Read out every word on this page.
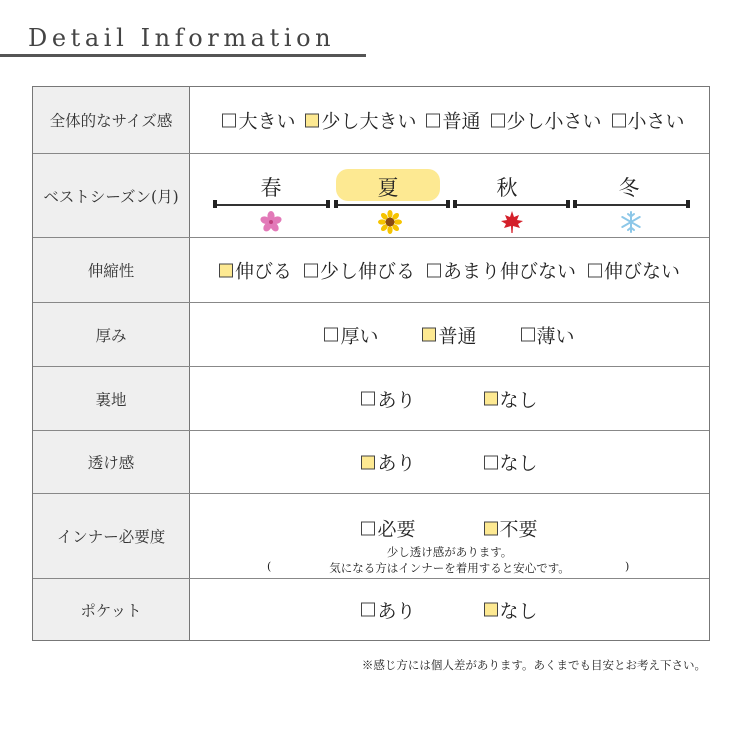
Detail Information
全体的なサイズ感	大きい 少し大きい 普通 少し小さい 小さい
ベストシーズン(月)	春	夏	秋	冬
伸縮性	伸びる 少し伸びる あまり伸びない 伸びない
厚み	厚い	普通	薄い
裏地	あり	なし
透け感	あり	なし
インナー必要度	必要	不要
少し透け感があります。
気になる方はインナーを着用すると安心です。
(	)
ポケット	あり	なし
※感じ方には個人差があります。あくまでも目安とお考え下さい。
